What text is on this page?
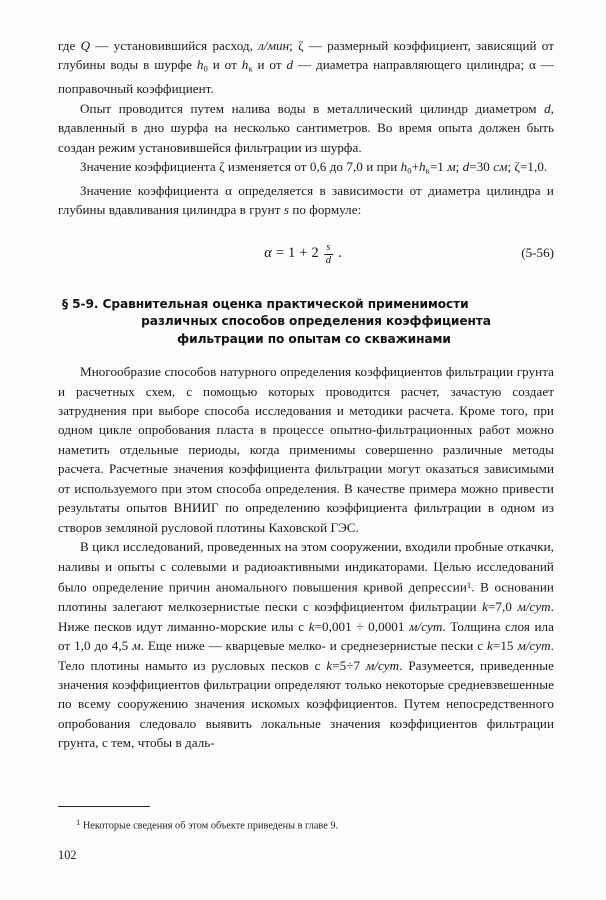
где Q — установившийся расход, л/мин; ζ — размерный коэффициент, зависящий от глубины воды в шурфе h0 и от hк и от d — диаметра направляющего цилиндра; α — поправочный коэффициент.

Опыт проводится путем налива воды в металлический цилиндр диаметром d, вдавленный в дно шурфа на несколько сантиметров. Во время опыта должен быть создан режим установившейся фильтрации из шурфа.

Значение коэффициента ζ изменяется от 0,6 до 7,0 и при h0+hк=1 м; d=30 см; ζ=1,0.

Значение коэффициента α определяется в зависимости от диаметра цилиндра и глубины вдавливания цилиндра в грунт s по формуле:

$\alpha = 1 + 2 \frac{s}{d}$ .	(5-56)
§ 5-9. Сравнительная оценка практической применимости
различных способов определения коэффициента
фильтрации по опытам со скважинами

Многообразие способов натурного определения коэффициентов фильтрации грунта и расчетных схем, с помощью которых проводится расчет, зачастую создает затруднения при выборе способа исследования и методики расчета. Кроме того, при одном цикле опробования пласта в процессе опытно-фильтрационных работ можно наметить отдельные периоды, когда применимы совершенно различные методы расчета. Расчетные значения коэффициента фильтрации могут оказаться зависимыми от используемого при этом способа определения. В качестве примера можно привести результаты опытов ВНИИГ по определению коэффициента фильтрации в одном из створов земляной русловой плотины Каховской ГЭС.

В цикл исследований, проведенных на этом сооружении, входили пробные откачки, наливы и опыты с солевыми и радиоактивными индикаторами. Целью исследований было определение причин аномального повышения кривой депрессии$^1$. В основании плотины залегают мелкозернистые пески с коэффициентом фильтрации k=7,0 м/сут. Ниже песков идут лиманно-морские илы с k=0,001 ÷ 0,0001 м/сут. Толщина слоя ила от 1,0 до 4,5 м. Еще ниже — кварцевые мелко- и среднезернистые пески с k=15 м/сут. Тело плотины намыто из русловых песков с k=5÷7 м/сут. Разумеется, приведенные значения коэффициентов фильтрации определяют только некоторые средневзвешенные по всему сооружению значения искомых коэффициентов. Путем непосредственного опробования следовало выявить локальные значения коэффициентов фильтрации грунта, с тем, чтобы в даль-

$^1$ Некоторые сведения об этом объекте приведены в главе 9.

102
